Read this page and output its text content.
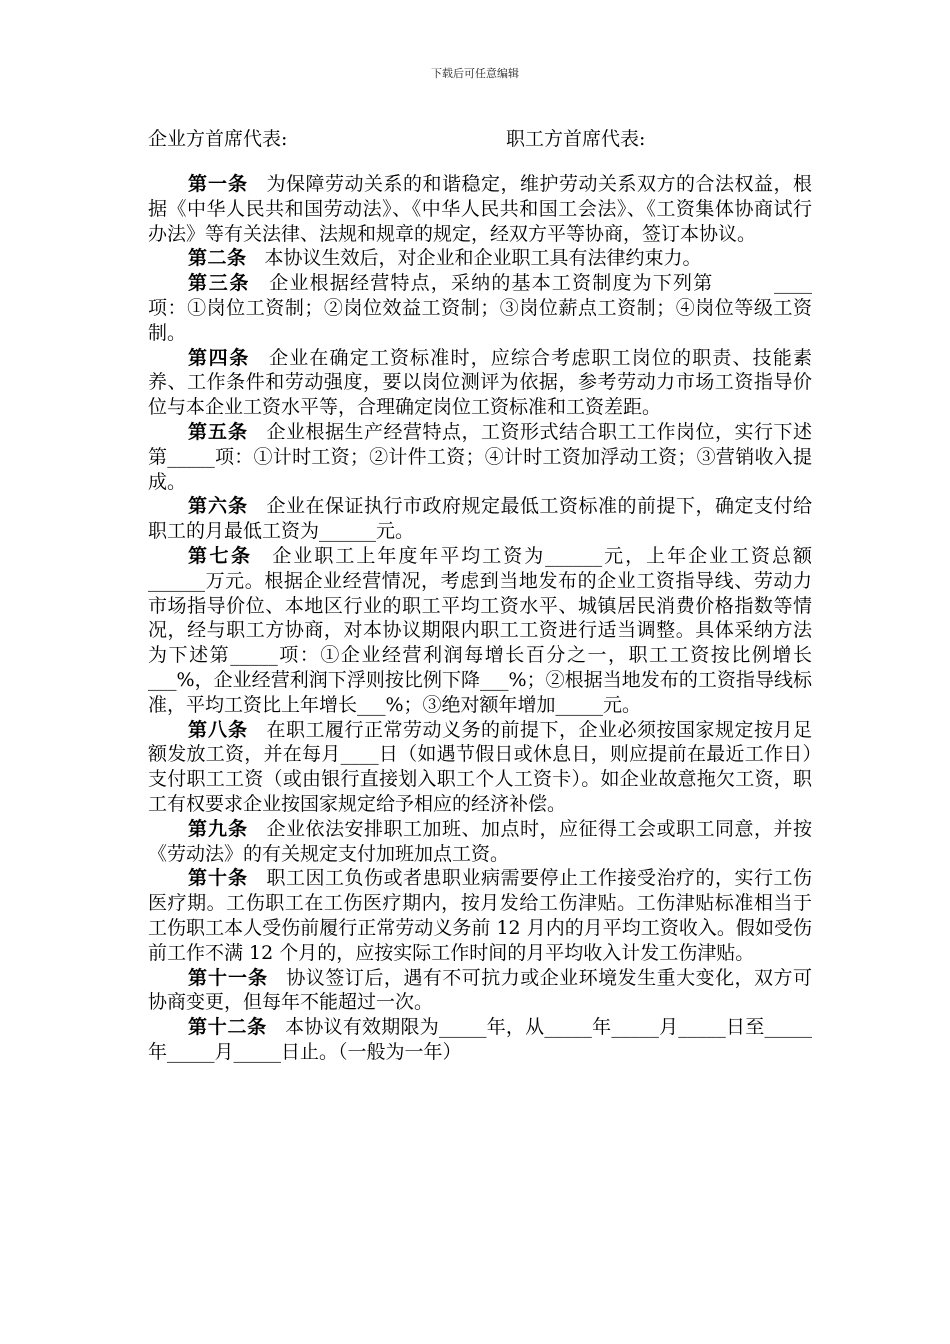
下载后可任意编辑
企业方首席代表:	职工方首席代表:

第一条 为保障劳动关系的和谐稳定，维护劳动关系双方的合法权益，根据《中华人民共和国劳动法》、《中华人民共和国工会法》、《工资集体协商试行办法》等有关法律、法规和规章的规定，经双方平等协商，签订本协议。

第二条 本协议生效后，对企业和企业职工具有法律约束力。

第三条 企业根据经营特点，采纳的基本工资制度为下列第　　　____项：①岗位工资制；②岗位效益工资制；③岗位薪点工资制；④岗位等级工资制。

第四条 企业在确定工资标准时，应综合考虑职工岗位的职责、技能素养、工作条件和劳动强度，要以岗位测评为依据，参考劳动力市场工资指导价位与本企业工资水平等，合理确定岗位工资标准和工资差距。

第五条 企业根据生产经营特点，工资形式结合职工工作岗位，实行下述第_____项：①计时工资；②计件工资；④计时工资加浮动工资；③营销收入提成。

第六条 企业在保证执行市政府规定最低工资标准的前提下，确定支付给职工的月最低工资为______元。

第七条 企业职工上年度年平均工资为______元，上年企业工资总额______万元。根据企业经营情况，考虑到当地发布的企业工资指导线、劳动力市场指导价位、本地区行业的职工平均工资水平、城镇居民消费价格指数等情况，经与职工方协商，对本协议期限内职工工资进行适当调整。具体采纳方法为下述第_____项：①企业经营利润每增长百分之一，职工工资按比例增长___%，企业经营利润下浮则按比例下降___%；②根据当地发布的工资指导线标准，平均工资比上年增长___%；③绝对额年增加_____元。

第八条 在职工履行正常劳动义务的前提下，企业必须按国家规定按月足额发放工资，并在每月____日（如遇节假日或休息日，则应提前在最近工作日）支付职工工资（或由银行直接划入职工个人工资卡）。如企业故意拖欠工资，职工有权要求企业按国家规定给予相应的经济补偿。

第九条 企业依法安排职工加班、加点时，应征得工会或职工同意，并按《劳动法》的有关规定支付加班加点工资。

第十条 职工因工负伤或者患职业病需要停止工作接受治疗的，实行工伤医疗期。工伤职工在工伤医疗期内，按月发给工伤津贴。工伤津贴标准相当于工伤职工本人受伤前履行正常劳动义务前 12 月内的月平均工资收入。假如受伤前工作不满 12 个月的，应按实际工作时间的月平均收入计发工伤津贴。

第十一条 协议签订后，遇有不可抗力或企业环境发生重大变化，双方可协商变更，但每年不能超过一次。

第十二条 本协议有效期限为_____年，从_____年_____月_____日至_____年_____月_____日止。（一般为一年）
